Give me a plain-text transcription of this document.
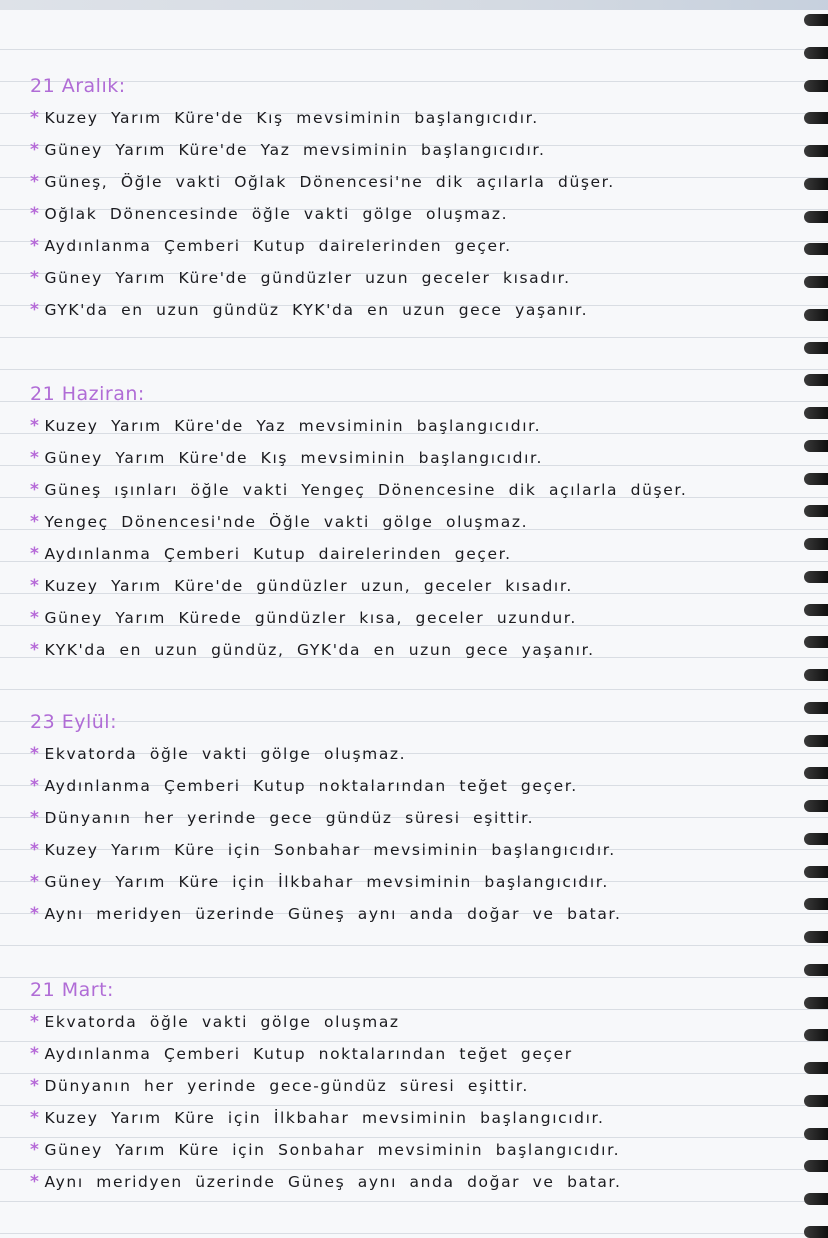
21 Aralık:
* Kuzey Yarım Küre'de Kış mevsiminin başlangıcıdır.
* Güney Yarım Küre'de Yaz mevsiminin başlangıcıdır.
* Güneş, Öğle vakti Oğlak Dönencesi'ne dik açılarla düşer.
* Oğlak Dönencesinde öğle vakti gölge oluşmaz.
* Aydınlanma Çemberi Kutup dairelerinden geçer.
* Güney Yarım Küre'de gündüzler uzun geceler kısadır.
* GYK'da en uzun gündüz KYK'da en uzun gece yaşanır.
21 Haziran:
* Kuzey Yarım Küre'de Yaz mevsiminin başlangıcıdır.
* Güney Yarım Küre'de Kış mevsiminin başlangıcıdır.
* Güneş ışınları öğle vakti Yengeç Dönencesine dik açılarla düşer.
* Yengeç Dönencesi'nde Öğle vakti gölge oluşmaz.
* Aydınlanma Çemberi Kutup dairelerinden geçer.
* Kuzey Yarım Küre'de gündüzler uzun, geceler kısadır.
* Güney Yarım Kürede gündüzler kısa, geceler uzundur.
* KYK'da en uzun gündüz, GYK'da en uzun gece yaşanır.
23 Eylül:
* Ekvatorda öğle vakti gölge oluşmaz.
* Aydınlanma Çemberi Kutup noktalarından teğet geçer.
* Dünyanın her yerinde gece gündüz süresi eşittir.
* Kuzey Yarım Küre için Sonbahar mevsiminin başlangıcıdır.
* Güney Yarım Küre için İlkbahar mevsiminin başlangıcıdır.
* Aynı meridyen üzerinde Güneş aynı anda doğar ve batar.
21 Mart:
* Ekvatorda öğle vakti gölge oluşmaz
* Aydınlanma Çemberi Kutup noktalarından teğet geçer
* Dünyanın her yerinde gece-gündüz süresi eşittir.
* Kuzey Yarım Küre için İlkbahar mevsiminin başlangıcıdır.
* Güney Yarım Küre için Sonbahar mevsiminin başlangıcıdır.
* Aynı meridyen üzerinde Güneş aynı anda doğar ve batar.
